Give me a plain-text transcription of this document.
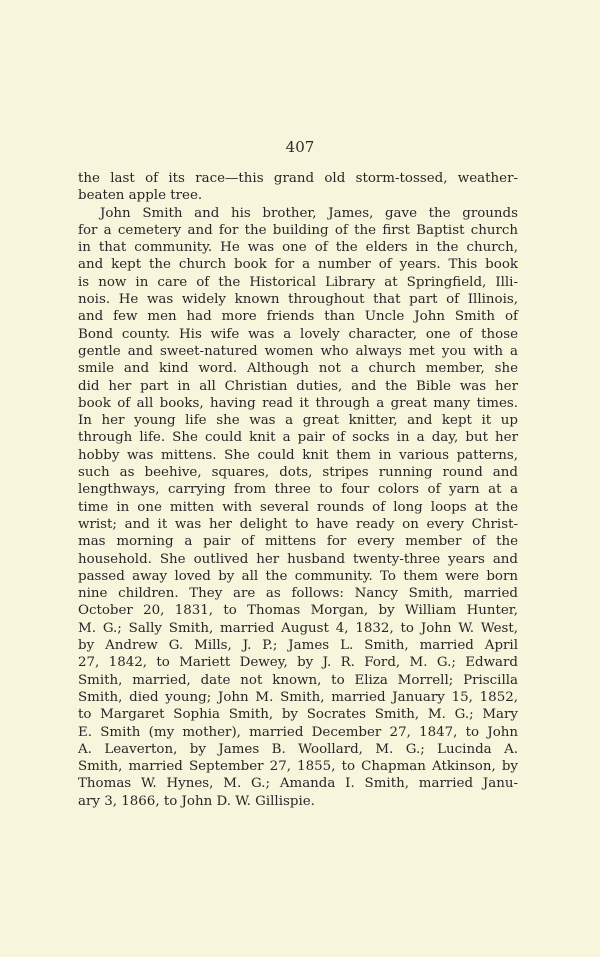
407
the last of its race—this grand old storm-tossed, weather-
beaten apple tree.
John Smith and his brother, James, gave the grounds
for a cemetery and for the building of the first Baptist church
in that community. He was one of the elders in the church,
and kept the church book for a number of years. This book
is now in care of the Historical Library at Springfield, Illi-
nois. He was widely known throughout that part of Illinois,
and few men had more friends than Uncle John Smith of
Bond county. His wife was a lovely character, one of those
gentle and sweet-natured women who always met you with a
smile and kind word. Although not a church member, she
did her part in all Christian duties, and the Bible was her
book of all books, having read it through a great many times.
In her young life she was a great knitter, and kept it up
through life. She could knit a pair of socks in a day, but her
hobby was mittens. She could knit them in various patterns,
such as beehive, squares, dots, stripes running round and
lengthways, carrying from three to four colors of yarn at a
time in one mitten with several rounds of long loops at the
wrist; and it was her delight to have ready on every Christ-
mas morning a pair of mittens for every member of the
household. She outlived her husband twenty-three years and
passed away loved by all the community. To them were born
nine children. They are as follows: Nancy Smith, married
October 20, 1831, to Thomas Morgan, by William Hunter,
M. G.; Sally Smith, married August 4, 1832, to John W. West,
by Andrew G. Mills, J. P.; James L. Smith, married April
27, 1842, to Mariett Dewey, by J. R. Ford, M. G.; Edward
Smith, married, date not known, to Eliza Morrell; Priscilla
Smith, died young; John M. Smith, married January 15, 1852,
to Margaret Sophia Smith, by Socrates Smith, M. G.; Mary
E. Smith (my mother), married December 27, 1847, to John
A. Leaverton, by James B. Woollard, M. G.; Lucinda A.
Smith, married September 27, 1855, to Chapman Atkinson, by
Thomas W. Hynes, M. G.; Amanda I. Smith, married Janu-
ary 3, 1866, to John D. W. Gillispie.
